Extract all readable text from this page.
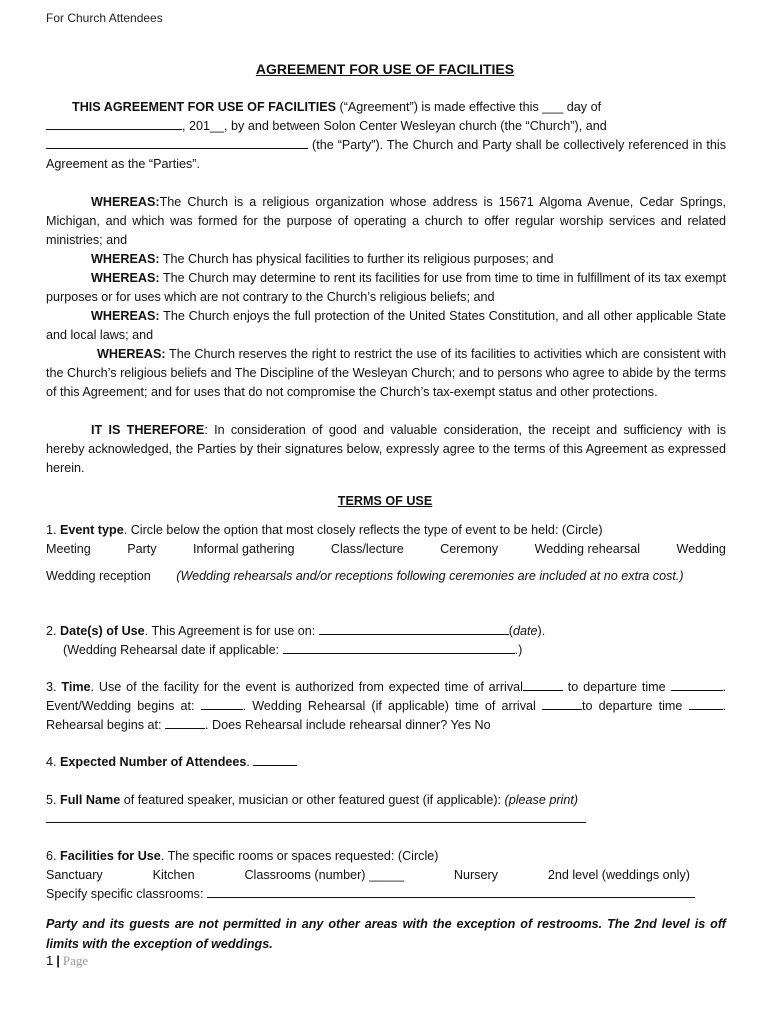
For Church Attendees
AGREEMENT FOR USE OF FACILITIES
THIS AGREEMENT FOR USE OF FACILITIES (“Agreement”) is made effective this ___ day of
, 201__, by and between Solon Center Wesleyan church (the “Church”), and
(the “Party”). The Church and Party shall be collectively referenced in this Agreement as the “Parties”.
WHEREAS:The Church is a religious organization whose address is 15671 Algoma Avenue, Cedar Springs, Michigan, and which was formed for the purpose of operating a church to offer regular worship services and related ministries; and
WHEREAS: The Church has physical facilities to further its religious purposes; and
WHEREAS: The Church may determine to rent its facilities for use from time to time in fulfillment of its tax exempt purposes or for uses which are not contrary to the Church’s religious beliefs; and
WHEREAS: The Church enjoys the full protection of the United States Constitution, and all other applicable State and local laws; and
WHEREAS: The Church reserves the right to restrict the use of its facilities to activities which are consistent with the Church’s religious beliefs and The Discipline of the Wesleyan Church; and to persons who agree to abide by the terms of this Agreement; and for uses that do not compromise the Church’s tax-exempt status and other protections.
IT IS THEREFORE: In consideration of good and valuable consideration, the receipt and sufficiency with is hereby acknowledged, the Parties by their signatures below, expressly agree to the terms of this Agreement as expressed herein.
TERMS OF USE
1. Event type. Circle below the option that most closely reflects the type of event to be held: (Circle)
Meeting	Party	Informal gathering	Class/lecture	Ceremony	Wedding rehearsal	Wedding
Wedding reception (Wedding rehearsals and/or receptions following ceremonies are included at no extra cost.)
2. Date(s) of Use. This Agreement is for use on:	(date).
(Wedding Rehearsal date if applicable:	.)
3. Time. Use of the facility for the event is authorized from expected time of arrival	to departure time	. Event/Wedding begins at:	. Wedding Rehearsal (if applicable) time of arrival	to departure time	. Rehearsal begins at:	. Does Rehearsal include rehearsal dinner? Yes No
4. Expected Number of Attendees.
5. Full Name of featured speaker, musician or other featured guest (if applicable): (please print)

6. Facilities for Use. The specific rooms or spaces requested: (Circle)
Sanctuary	Kitchen	Classrooms (number) _____	Nursery	2nd level (weddings only)
Specify specific classrooms:
Party and its guests are not permitted in any other areas with the exception of restrooms. The 2nd level is off limits with the exception of weddings.
1 | Page
